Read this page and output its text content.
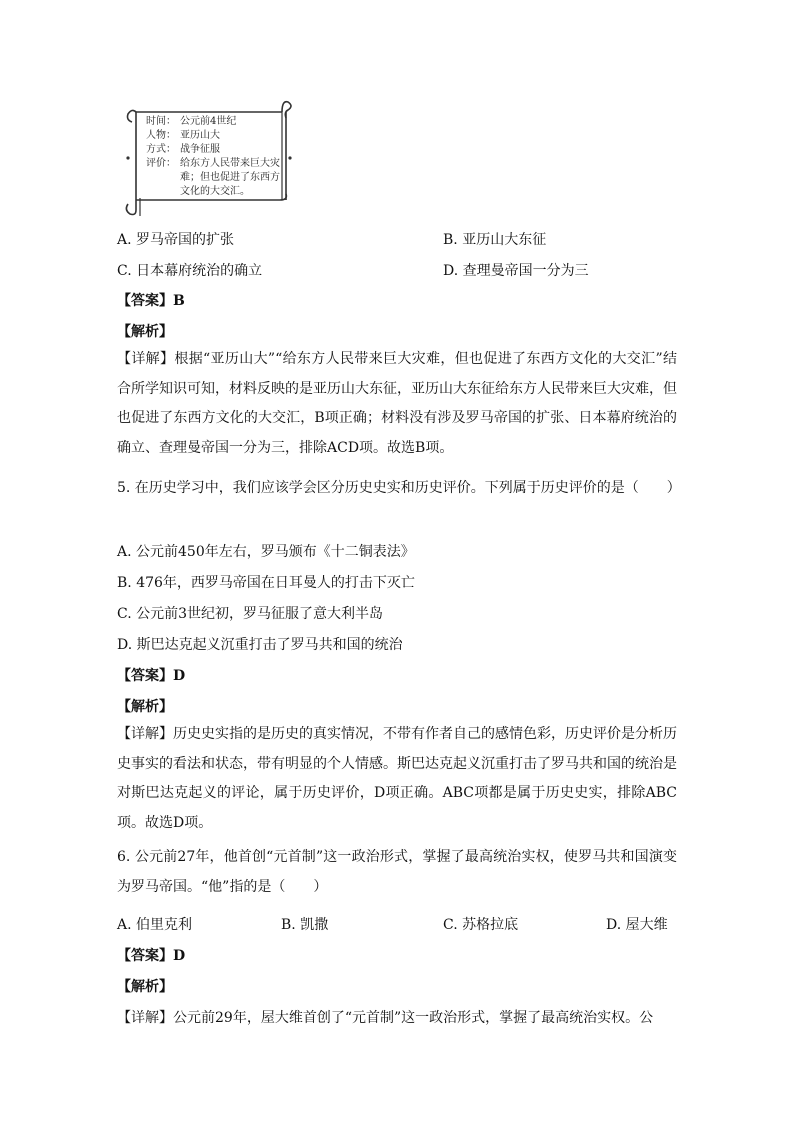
时间： 公元前4世纪
人物： 亚历山大
方式： 战争征服
评价： 给东方人民带来巨大灾难；但也促进了东西方文化的大交汇。
A. 罗马帝国的扩张	B. 亚历山大东征
C. 日本幕府统治的确立	D. 查理曼帝国一分为三
【答案】B
【解析】
【详解】根据“亚历山大”“给东方人民带来巨大灾难，但也促进了东西方文化的大交汇”结合所学知识可知，材料反映的是亚历山大东征，亚历山大东征给东方人民带来巨大灾难，但也促进了东西方文化的大交汇，B项正确；材料没有涉及罗马帝国的扩张、日本幕府统治的确立、查理曼帝国一分为三，排除ACD项。故选B项。
5. 在历史学习中，我们应该学会区分历史史实和历史评价。下列属于历史评价的是（　　）
A. 公元前450年左右，罗马颁布《十二铜表法》
B. 476年，西罗马帝国在日耳曼人的打击下灭亡
C. 公元前3世纪初，罗马征服了意大利半岛
D. 斯巴达克起义沉重打击了罗马共和国的统治
【答案】D
【解析】
【详解】历史史实指的是历史的真实情况，不带有作者自己的感情色彩，历史评价是分析历史事实的看法和状态，带有明显的个人情感。斯巴达克起义沉重打击了罗马共和国的统治是对斯巴达克起义的评论，属于历史评价，D项正确。ABC项都是属于历史史实，排除ABC项。故选D项。
6. 公元前27年，他首创“元首制”这一政治形式，掌握了最高统治实权，使罗马共和国演变为罗马帝国。“他”指的是（　　）
A. 伯里克利	B. 凯撒	C. 苏格拉底	D. 屋大维
【答案】D
【解析】
【详解】公元前29年，屋大维首创了“元首制”这一政治形式，掌握了最高统治实权。公
